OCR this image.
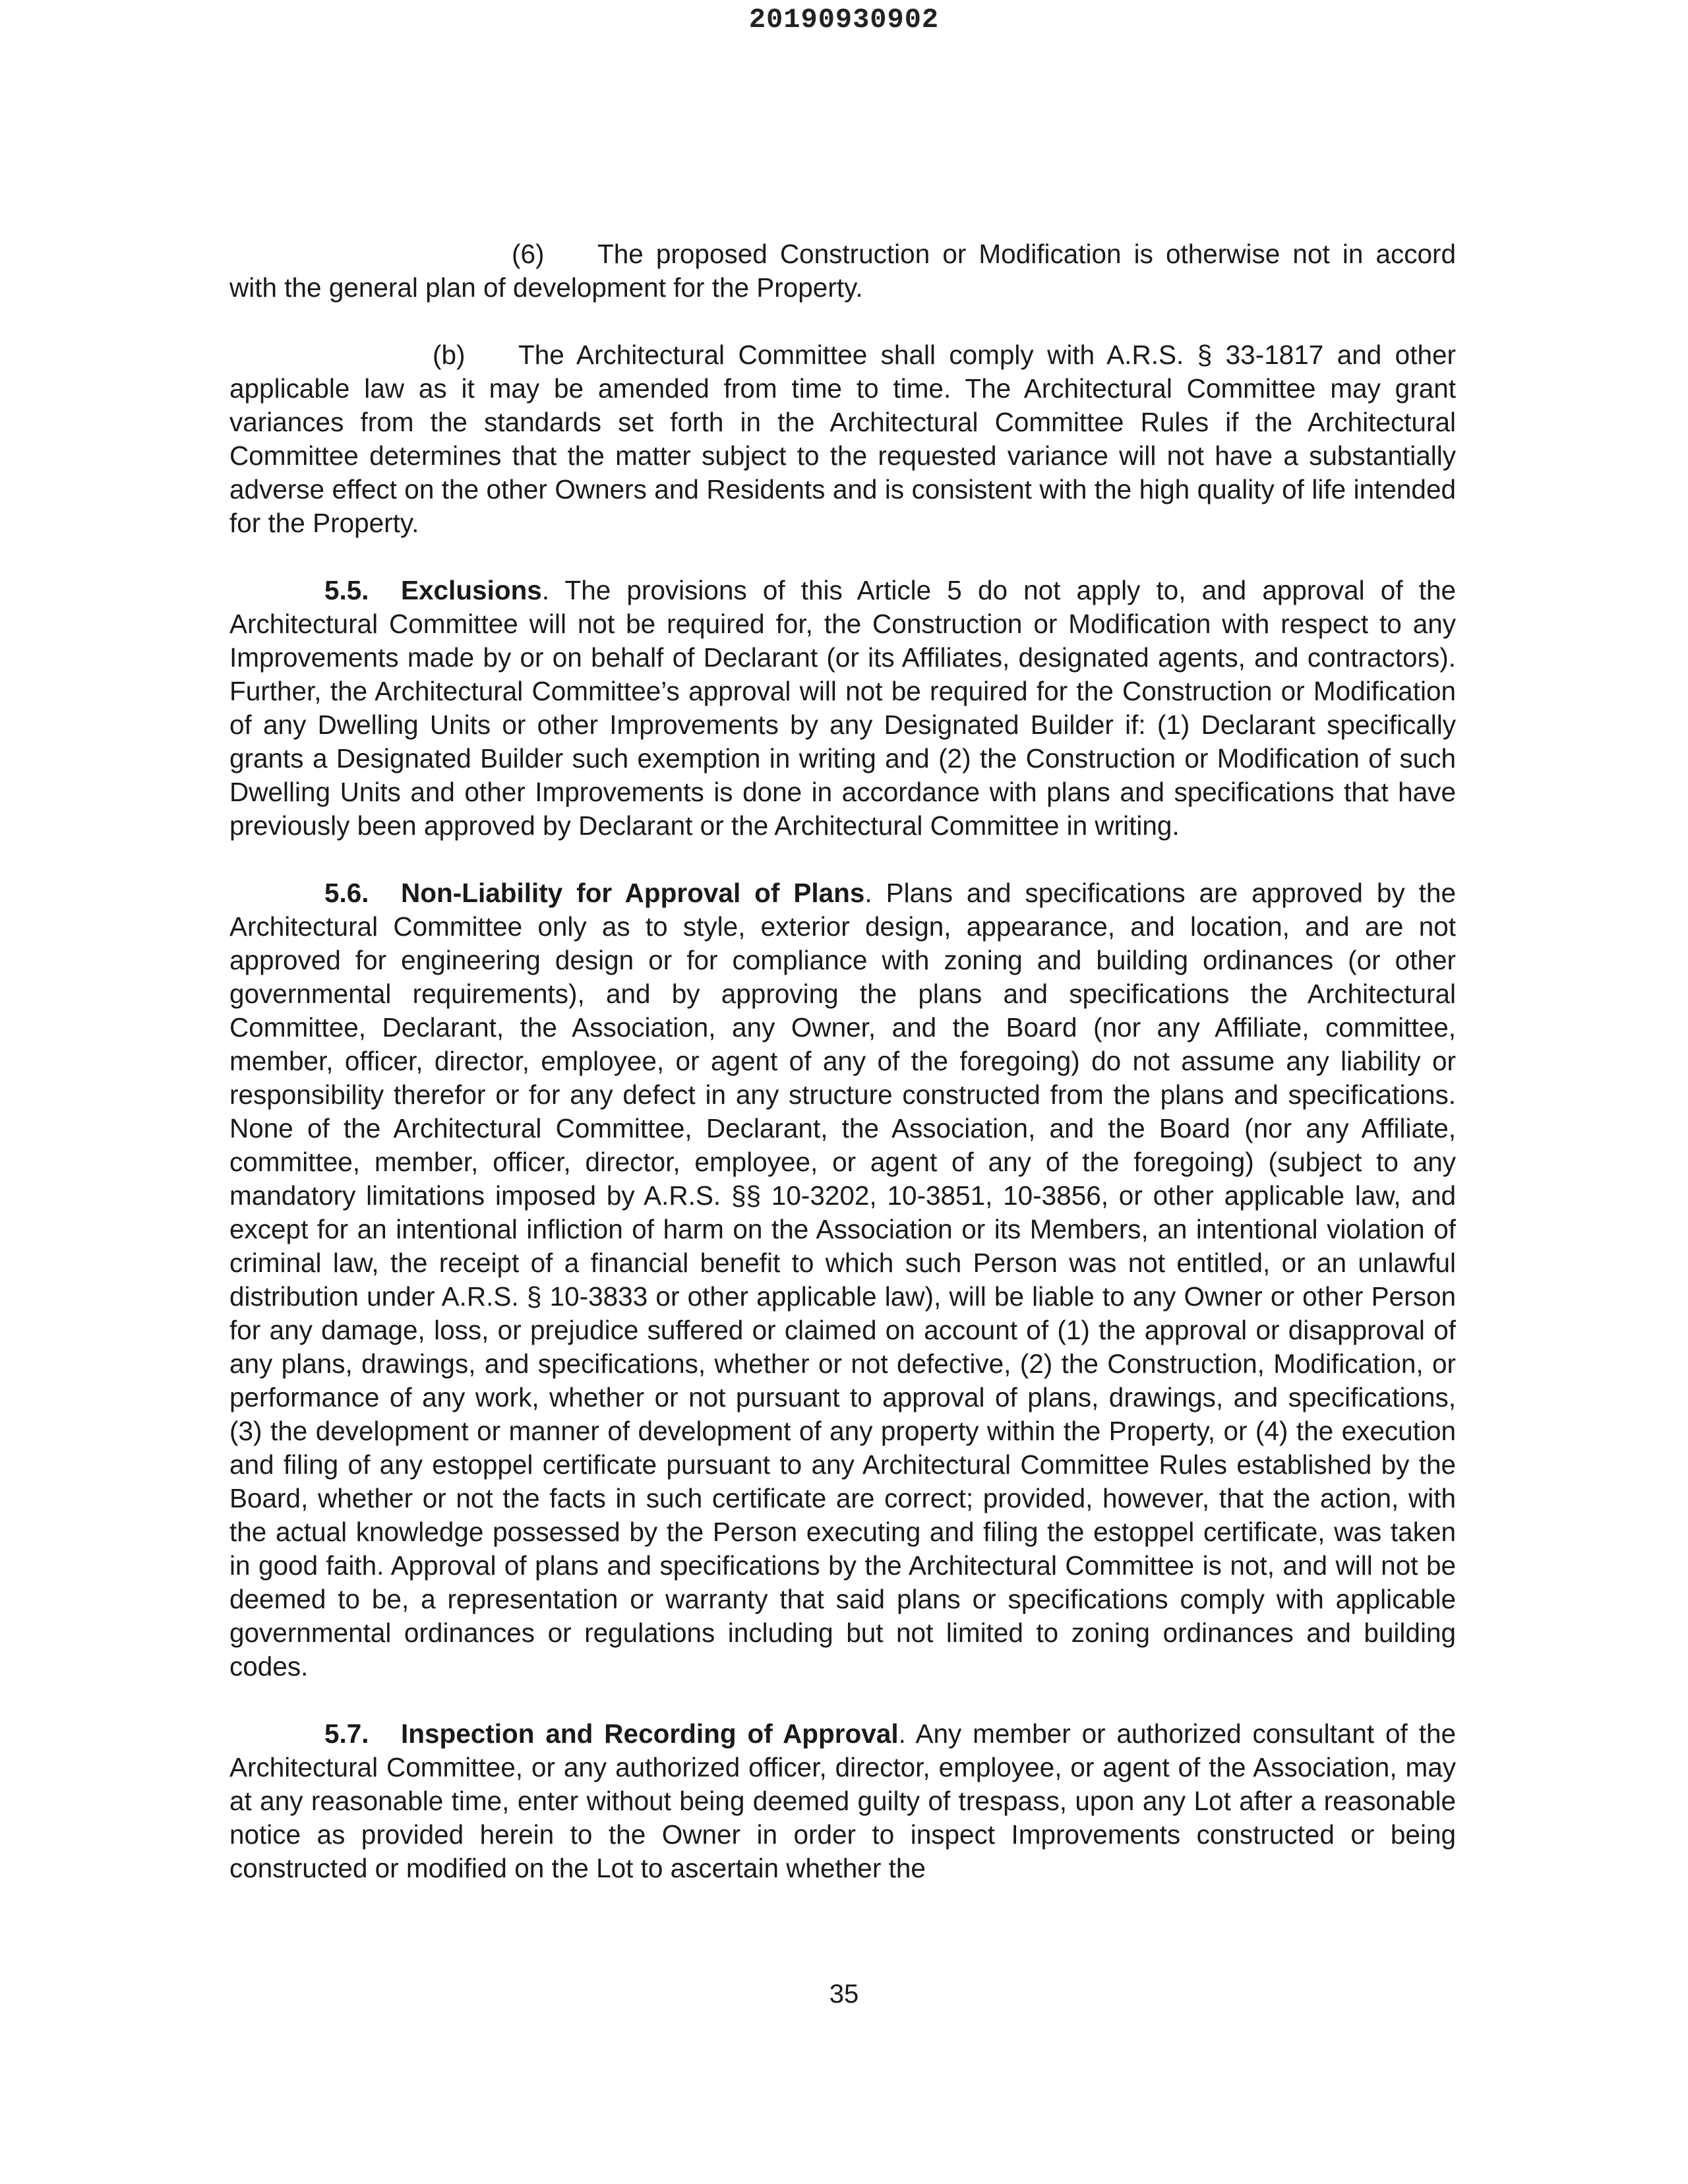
20190930902

(6) The proposed Construction or Modification is otherwise not in accord with the general plan of development for the Property.

(b) The Architectural Committee shall comply with A.R.S. § 33-1817 and other applicable law as it may be amended from time to time. The Architectural Committee may grant variances from the standards set forth in the Architectural Committee Rules if the Architectural Committee determines that the matter subject to the requested variance will not have a substantially adverse effect on the other Owners and Residents and is consistent with the high quality of life intended for the Property.

5.5. Exclusions. The provisions of this Article 5 do not apply to, and approval of the Architectural Committee will not be required for, the Construction or Modification with respect to any Improvements made by or on behalf of Declarant (or its Affiliates, designated agents, and contractors). Further, the Architectural Committee’s approval will not be required for the Construction or Modification of any Dwelling Units or other Improvements by any Designated Builder if: (1) Declarant specifically grants a Designated Builder such exemption in writing and (2) the Construction or Modification of such Dwelling Units and other Improvements is done in accordance with plans and specifications that have previously been approved by Declarant or the Architectural Committee in writing.

5.6. Non-Liability for Approval of Plans. Plans and specifications are approved by the Architectural Committee only as to style, exterior design, appearance, and location, and are not approved for engineering design or for compliance with zoning and building ordinances (or other governmental requirements), and by approving the plans and specifications the Architectural Committee, Declarant, the Association, any Owner, and the Board (nor any Affiliate, committee, member, officer, director, employee, or agent of any of the foregoing) do not assume any liability or responsibility therefor or for any defect in any structure constructed from the plans and specifications. None of the Architectural Committee, Declarant, the Association, and the Board (nor any Affiliate, committee, member, officer, director, employee, or agent of any of the foregoing) (subject to any mandatory limitations imposed by A.R.S. §§ 10-3202, 10-3851, 10-3856, or other applicable law, and except for an intentional infliction of harm on the Association or its Members, an intentional violation of criminal law, the receipt of a financial benefit to which such Person was not entitled, or an unlawful distribution under A.R.S. § 10-3833 or other applicable law), will be liable to any Owner or other Person for any damage, loss, or prejudice suffered or claimed on account of (1) the approval or disapproval of any plans, drawings, and specifications, whether or not defective, (2) the Construction, Modification, or performance of any work, whether or not pursuant to approval of plans, drawings, and specifications, (3) the development or manner of development of any property within the Property, or (4) the execution and filing of any estoppel certificate pursuant to any Architectural Committee Rules established by the Board, whether or not the facts in such certificate are correct; provided, however, that the action, with the actual knowledge possessed by the Person executing and filing the estoppel certificate, was taken in good faith. Approval of plans and specifications by the Architectural Committee is not, and will not be deemed to be, a representation or warranty that said plans or specifications comply with applicable governmental ordinances or regulations including but not limited to zoning ordinances and building codes.

5.7. Inspection and Recording of Approval. Any member or authorized consultant of the Architectural Committee, or any authorized officer, director, employee, or agent of the Association, may at any reasonable time, enter without being deemed guilty of trespass, upon any Lot after a reasonable notice as provided herein to the Owner in order to inspect Improvements constructed or being constructed or modified on the Lot to ascertain whether the

35
